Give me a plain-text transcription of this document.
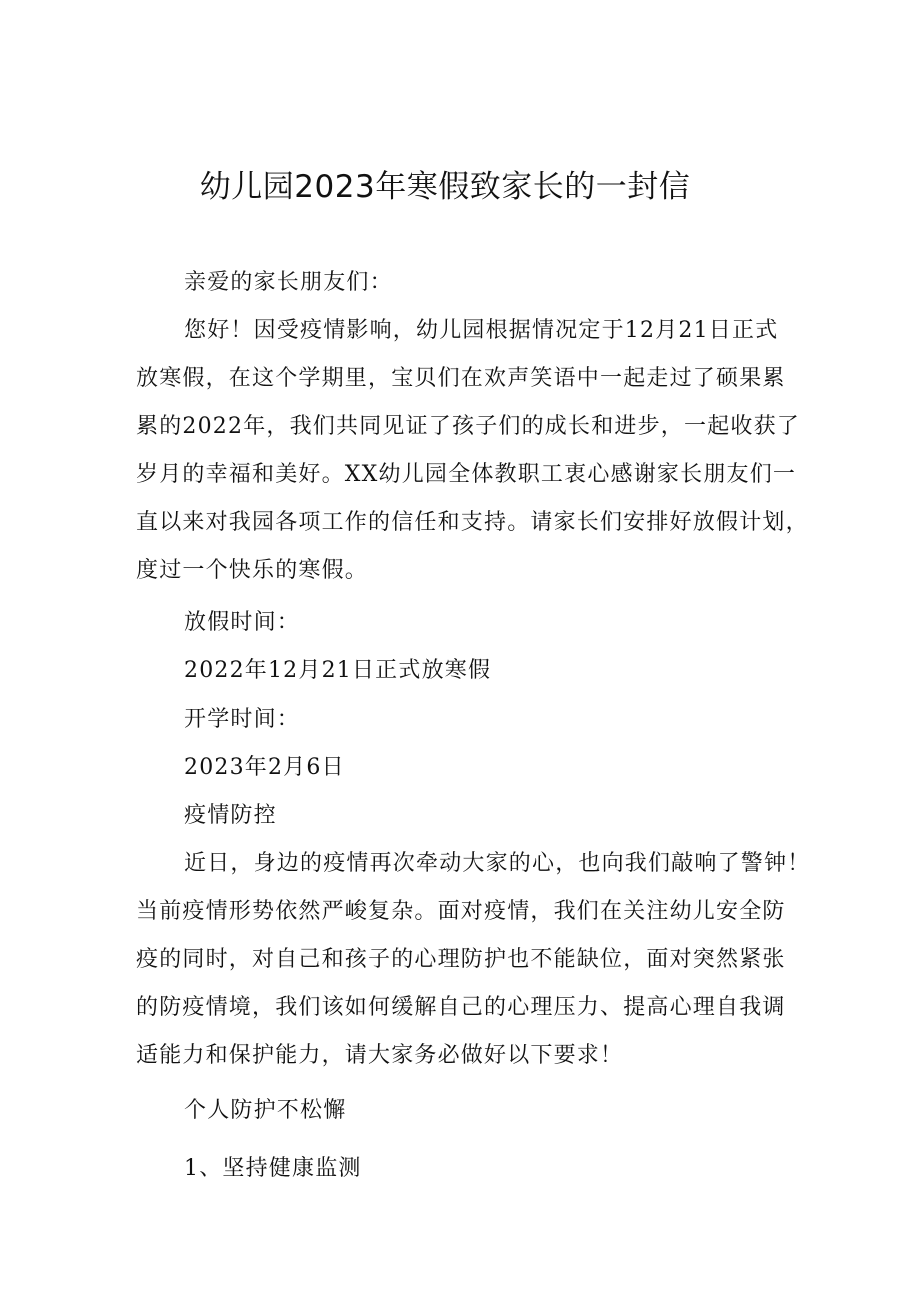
幼儿园2023年寒假致家长的一封信

亲爱的家长朋友们：

您好！因受疫情影响，幼儿园根据情况定于12月21日正式
放寒假，在这个学期里，宝贝们在欢声笑语中一起走过了硕果累
累的2022年，我们共同见证了孩子们的成长和进步，一起收获了
岁月的幸福和美好。XX幼儿园全体教职工衷心感谢家长朋友们一
直以来对我园各项工作的信任和支持。请家长们安排好放假计划，
度过一个快乐的寒假。

放假时间：

2022年12月21日正式放寒假

开学时间：

2023年2月6日

疫情防控

近日，身边的疫情再次牵动大家的心，也向我们敲响了警钟！
当前疫情形势依然严峻复杂。面对疫情，我们在关注幼儿安全防
疫的同时，对自己和孩子的心理防护也不能缺位，面对突然紧张
的防疫情境，我们该如何缓解自己的心理压力、提高心理自我调
适能力和保护能力，请大家务必做好以下要求！

个人防护不松懈

1、坚持健康监测
